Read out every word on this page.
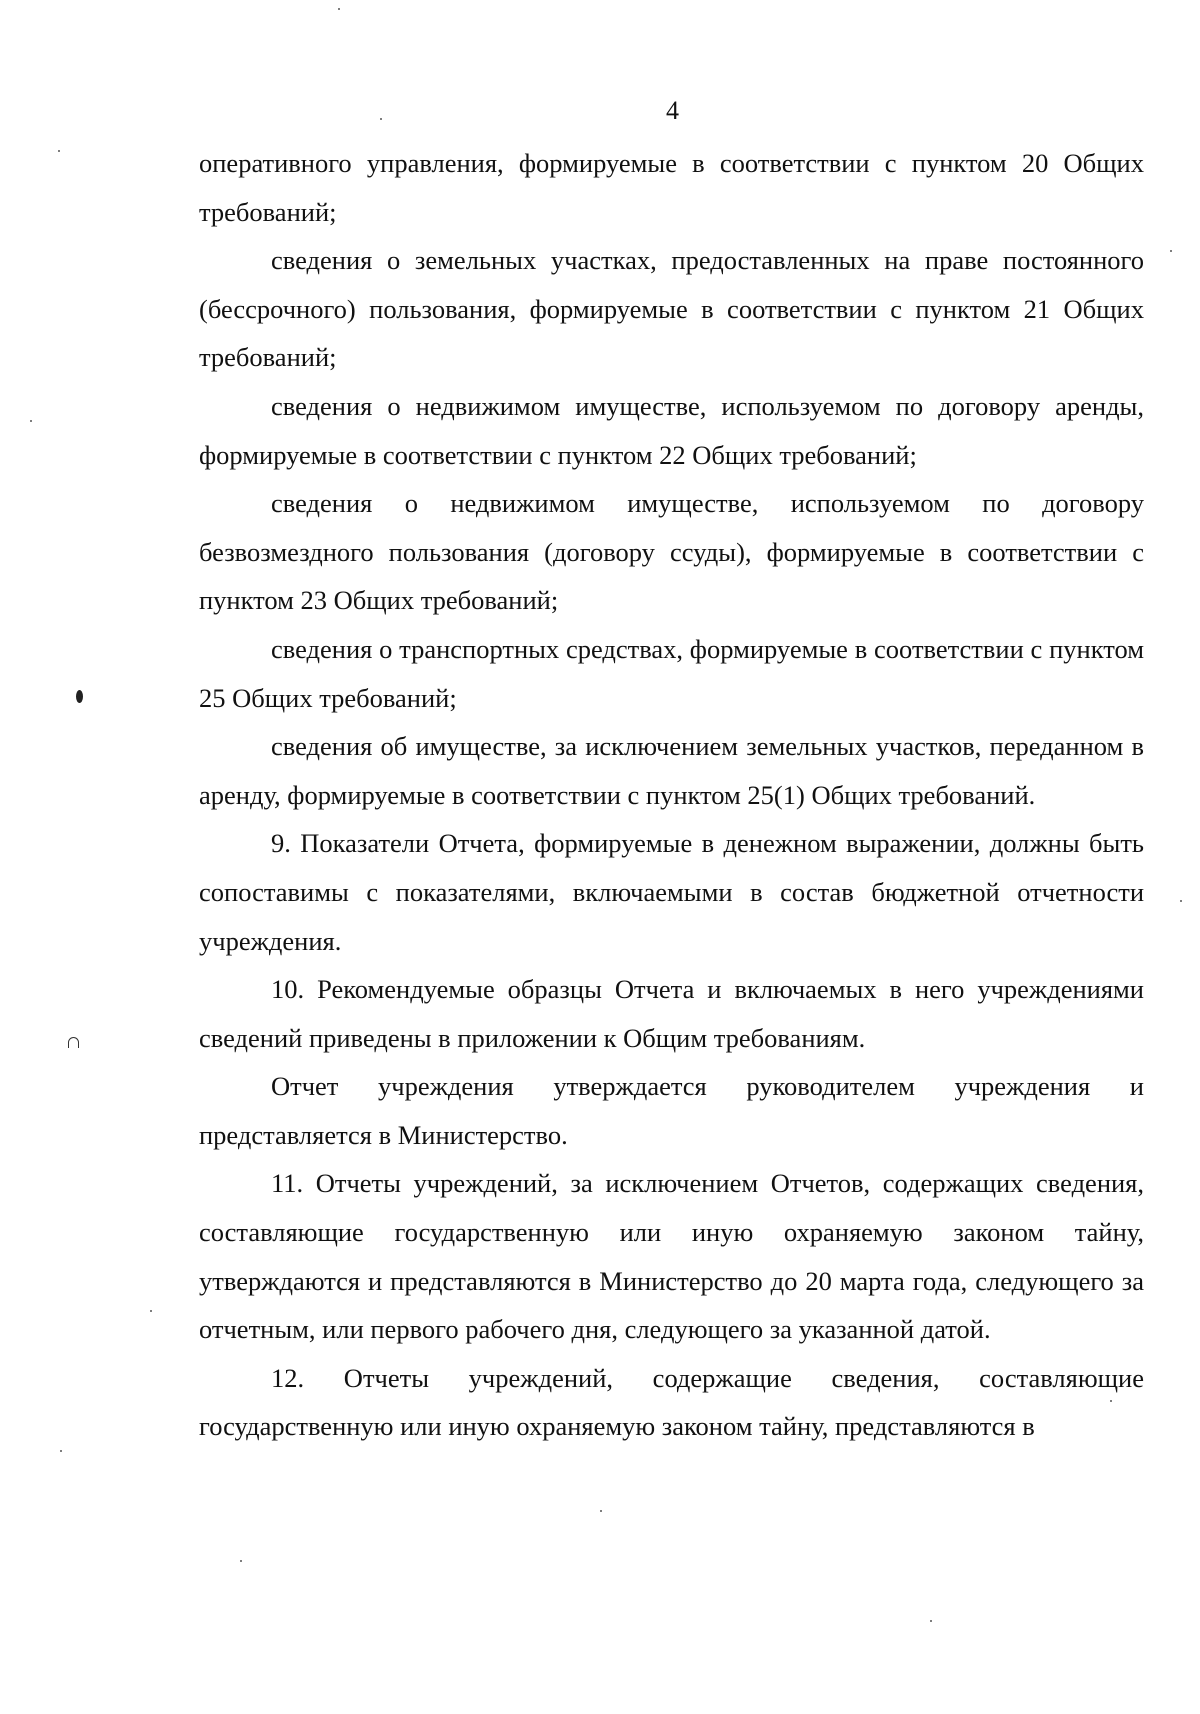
4

оперативного управления, формируемые в соответствии с пунктом 20 Общих требований;

сведения о земельных участках, предоставленных на праве постоянного (бессрочного) пользования, формируемые в соответствии с пунктом 21 Общих требований;

сведения о недвижимом имуществе, используемом по договору аренды, формируемые в соответствии с пунктом 22 Общих требований;

сведения о недвижимом имуществе, используемом по договору безвозмездного пользования (договору ссуды), формируемые в соответствии с пунктом 23 Общих требований;

сведения о транспортных средствах, формируемые в соответствии с пунктом 25 Общих требований;

сведения об имуществе, за исключением земельных участков, переданном в аренду, формируемые в соответствии с пунктом 25(1) Общих требований.

9. Показатели Отчета, формируемые в денежном выражении, должны быть сопоставимы с показателями, включаемыми в состав бюджетной отчетности учреждения.

10. Рекомендуемые образцы Отчета и включаемых в него учреждениями сведений приведены в приложении к Общим требованиям.

Отчет учреждения утверждается руководителем учреждения и представляется в Министерство.

11. Отчеты учреждений, за исключением Отчетов, содержащих сведения, составляющие государственную или иную охраняемую законом тайну, утверждаются и представляются в Министерство до 20 марта года, следующего за отчетным, или первого рабочего дня, следующего за указанной датой.

12. Отчеты учреждений, содержащие сведения, составляющие государственную или иную охраняемую законом тайну, представляются в
